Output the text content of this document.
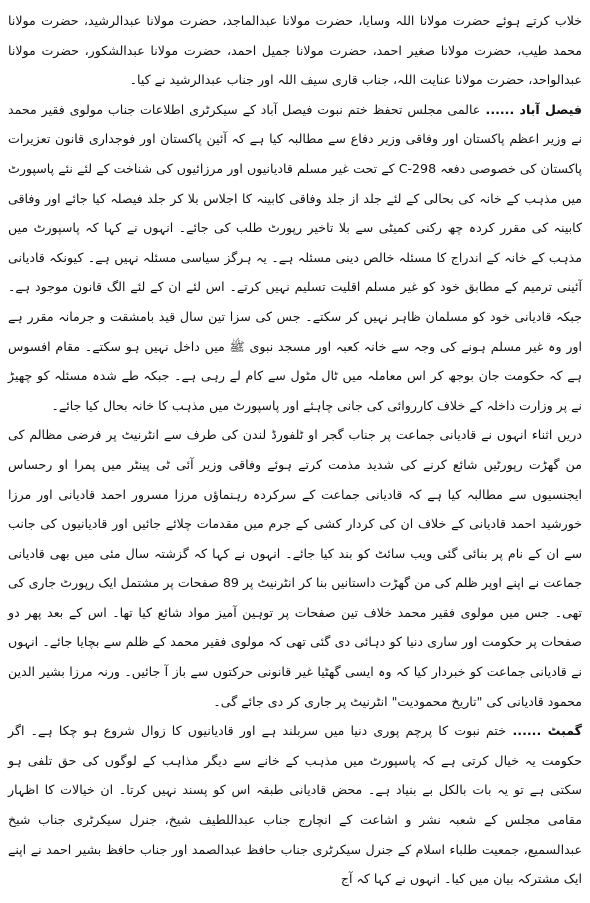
خلاب کرتے ہوئے حضرت مولانا اللہ وسایا، حضرت مولانا عبدالماجد، حضرت مولانا عبدالرشید، حضرت مولانا محمد طیب، حضرت مولانا صغیر احمد، حضرت مولانا جمیل احمد، حضرت مولانا عبدالشکور، حضرت مولانا عبدالواحد، حضرت مولانا عنایت اللہ، جناب قاری سیف اللہ اور جناب عبدالرشید نے کیا۔

فیصل آباد ...... عالمی مجلس تحفظ ختم نبوت فیصل آباد کے سیکرٹری اطلاعات جناب مولوی فقیر محمد نے وزیر اعظم پاکستان اور وفاقی وزیر دفاع سے مطالبہ کیا ہے کہ آئین پاکستان اور فوجداری قانون تعزیرات پاکستان کی خصوصی دفعہ 298-C کے تحت غیر مسلم قادیانیوں اور مرزائیوں کی شناخت کے لئے نئے پاسپورٹ میں مذہب کے خانہ کی بحالی کے لئے جلد از جلد وفاقی کابینہ کا اجلاس بلا کر جلد فیصلہ کیا جائے اور وفاقی کابینہ کی مقرر کردہ چھ رکنی کمیٹی سے بلا تاخیر رپورٹ طلب کی جائے۔ انہوں نے کہا کہ پاسپورٹ میں مذہب کے خانہ کے اندراج کا مسئلہ خالص دینی مسئلہ ہے۔ یہ ہرگز سیاسی مسئلہ نہیں ہے۔ کیونکہ قادیانی آئینی ترمیم کے مطابق خود کو غیر مسلم اقلیت تسلیم نہیں کرتے۔ اس لئے ان کے لئے الگ قانون موجود ہے۔ جبکہ قادیانی خود کو مسلمان ظاہر نہیں کر سکتے۔ جس کی سزا تین سال قید بامشقت و جرمانہ مقرر ہے اور وہ غیر مسلم ہونے کی وجہ سے خانہ کعبہ اور مسجد نبوی ﷺ میں داخل نہیں ہو سکتے۔ مقام افسوس ہے کہ حکومت جان بوجھ کر اس معاملہ میں ٹال مٹول سے کام لے رہی ہے۔ جبکہ طے شدہ مسئلہ کو چھیڑ نے پر وزارت داخلہ کے خلاف کارروائی کی جانی چاہئے اور پاسپورٹ میں مذہب کا خانہ بحال کیا جائے۔

دریں اثناء انہوں نے قادیانی جماعت پر جناب گجر او ٹلفورڈ لندن کی طرف سے انٹرنیٹ پر فرضی مظالم کی من گھڑت رپورٹیں شائع کرنے کی شدید مذمت کرتے ہوئے وفاقی وزیر آئی ٹی پینٹر میں پمرا او رحساس ایجنسیوں سے مطالبہ کیا ہے کہ قادیانی جماعت کے سرکردہ رہنماؤں مرزا مسرور احمد قادیانی اور مرزا خورشید احمد قادیانی کے خلاف ان کی کردار کشی کے جرم میں مقدمات چلائے جائیں اور قادیانیوں کی جانب سے ان کے نام پر بنائی گئی ویب سائٹ کو بند کیا جائے۔ انہوں نے کہا کہ گزشتہ سال مئی میں بھی قادیانی جماعت نے اپنے اوپر ظلم کی من گھڑت داستانیں بنا کر انٹرنیٹ پر 89 صفحات پر مشتمل ایک رپورٹ جاری کی تھی۔ جس میں مولوی فقیر محمد خلاف تین صفحات پر توہین آمیز مواد شائع کیا تھا۔ اس کے بعد پھر دو صفحات پر حکومت اور ساری دنیا کو دہائی دی گئی تھی کہ مولوی فقیر محمد کے ظلم سے بچایا جائے۔ انہوں نے قادیانی جماعت کو خبردار کیا کہ وہ ایسی گھٹیا غیر قانونی حرکتوں سے باز آ جائیں۔ ورنہ مرزا بشیر الدین محمود قادیانی کی "تاریخ محمودیت" انٹرنیٹ پر جاری کر دی جائے گی۔

گمبٹ ...... ختم نبوت کا پرچم پوری دنیا میں سربلند ہے اور قادیانیوں کا زوال شروع ہو چکا ہے۔ اگر حکومت یہ خیال کرتی ہے کہ پاسپورٹ میں مذہب کے خانے سے دیگر مذاہب کے لوگوں کی حق تلفی ہو سکتی ہے تو یہ بات بالکل بے بنیاد ہے۔ محض قادیانی طبقہ اس کو پسند نہیں کرتا۔ ان خیالات کا اظہار مقامی مجلس کے شعبہ نشر و اشاعت کے انچارج جناب عبداللطیف شیخ، جنرل سیکرٹری جناب شیخ عبدالسمیع، جمعیت طلباء اسلام کے جنرل سیکرٹری جناب حافظ عبدالصمد اور جناب حافظ بشیر احمد نے اپنے ایک مشترکہ بیان میں کیا۔ انہوں نے کہا کہ آج
